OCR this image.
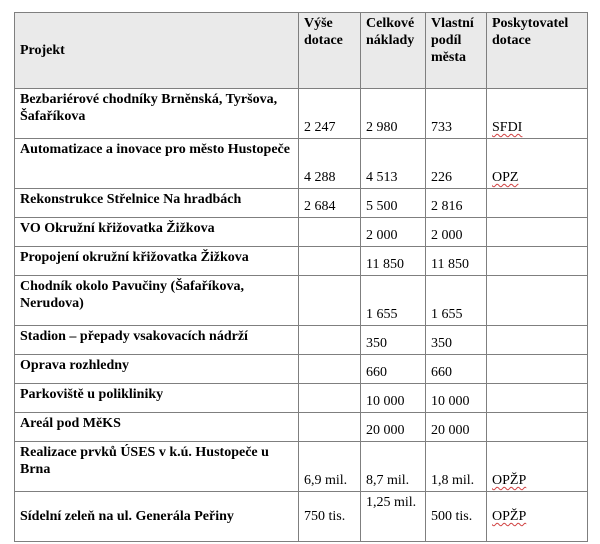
Projekt	Výše dotace	Celkové náklady	Vlastní podíl města	Poskytovatel dotace
Bezbariérové chodníky Brněnská, Tyršova, Šafaříkova	2 247	2 980	733	SFDI
Automatizace a inovace pro město Hustopeče	4 288	4 513	226	OPZ
Rekonstrukce Střelnice Na hradbách	2 684	5 500	2 816	
VO Okružní křižovatka Žižkova		2 000	2 000	
Propojení okružní křižovatka Žižkova		11 850	11 850	
Chodník okolo Pavučiny (Šafaříkova, Nerudova)		1 655	1 655	
Stadion – přepady vsakovacích nádrží		350	350	
Oprava rozhledny		660	660	
Parkoviště u polikliniky		10 000	10 000	
Areál pod MěKS		20 000	20 000	
Realizace prvků ÚSES v k.ú. Hustopeče u Brna	6,9 mil.	8,7 mil.	1,8 mil.	OPŽP
Sídelní zeleň na ul. Generála Peřiny	750 tis.	1,25 mil.	500 tis.	OPŽP
